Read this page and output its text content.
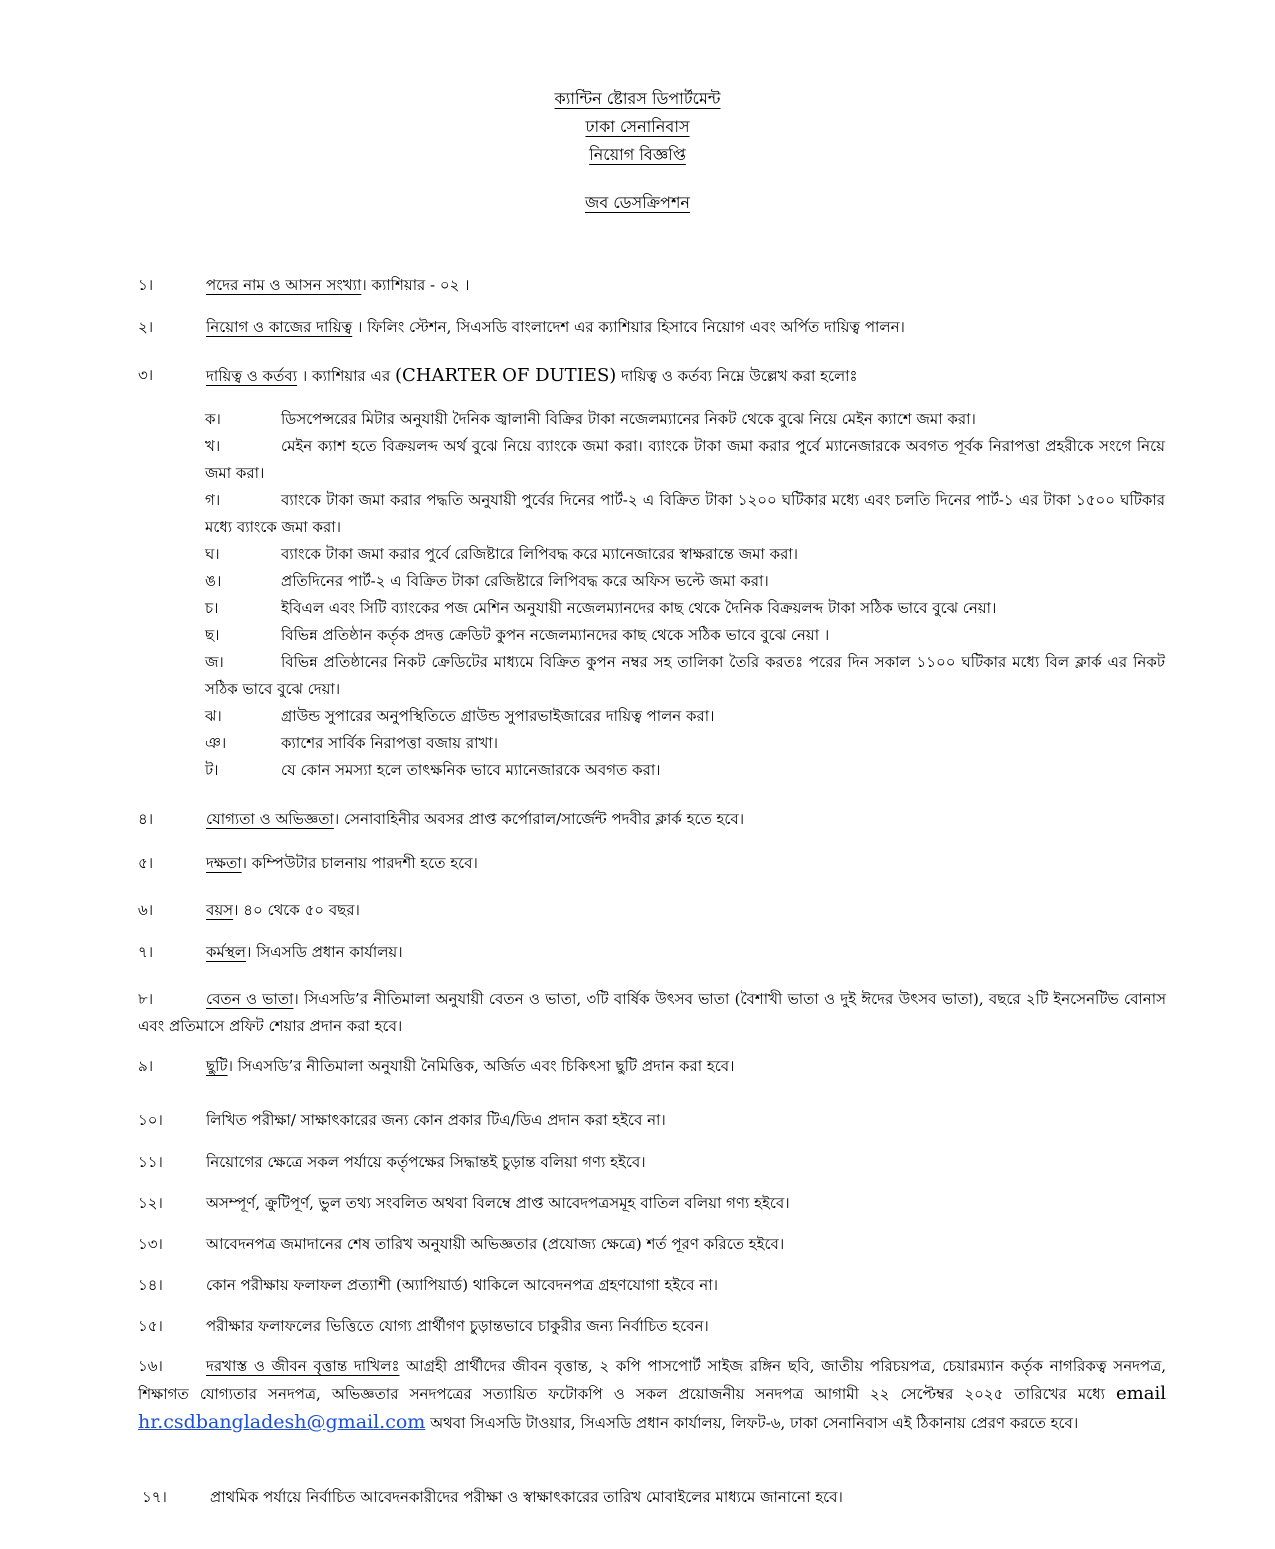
ক্যান্টিন ষ্টোরস ডিপার্টমেন্ট
ঢাকা সেনানিবাস
নিয়োগ বিজ্ঞপ্তি
জব ডেসক্রিপশন
১।	পদের নাম ও আসন সংখ্যা। ক্যাশিয়ার - ০২ ।
২।	নিয়োগ ও কাজের দায়িত্ব । ফিলিং স্টেশন, সিএসডি বাংলাদেশ এর ক্যাশিয়ার হিসাবে নিয়োগ এবং অর্পিত দায়িত্ব পালন।
৩।	দায়িত্ব ও কর্তব্য । ক্যাশিয়ার এর (CHARTER OF DUTIES) দায়িত্ব ও কর্তব্য নিম্নে উল্লেখ করা হলোঃ
ক।	ডিসপেন্সরের মিটার অনুযায়ী দৈনিক জ্বালানী বিক্রির টাকা নজেলম্যানের নিকট থেকে বুঝে নিয়ে মেইন ক্যাশে জমা করা।
খ।	মেইন ক্যাশ হতে বিক্রয়লব্দ অর্থ বুঝে নিয়ে ব্যাংকে জমা করা। ব্যাংকে টাকা জমা করার পুর্বে ম্যানেজারকে অবগত পূর্বক নিরাপত্তা প্রহরীকে সংগে নিয়ে জমা করা।
গ।	ব্যাংকে টাকা জমা করার পদ্ধতি অনুযায়ী পুর্বের দিনের পার্ট-২ এ বিক্রিত টাকা ১২০০ ঘটিকার মধ্যে এবং চলতি দিনের পার্ট-১ এর টাকা ১৫০০ ঘটিকার মধ্যে ব্যাংকে জমা করা।
ঘ।	ব্যাংকে টাকা জমা করার পুর্বে রেজিষ্টারে লিপিবদ্ধ করে ম্যানেজারের স্বাক্ষরান্তে জমা করা।
ঙ।	প্রতিদিনের পার্ট-২ এ বিক্রিত টাকা রেজিষ্টারে লিপিবদ্ধ করে অফিস ভল্টে জমা করা।
চ।	ইবিএল এবং সিটি ব্যাংকের পজ মেশিন অনুযায়ী নজেলম্যানদের কাছ থেকে দৈনিক বিক্রয়লব্দ টাকা সঠিক ভাবে বুঝে নেয়া।
ছ।	বিভিন্ন প্রতিষ্ঠান কর্তৃক প্রদত্ত ক্রেডিট কুপন নজেলম্যানদের কাছ থেকে সঠিক ভাবে বুঝে নেয়া ।
জ।	বিভিন্ন প্রতিষ্ঠানের নিকট ক্রেডিটের মাধ্যমে বিক্রিত কুপন নম্বর সহ তালিকা তৈরি করতঃ পরের দিন সকাল ১১০০ ঘটিকার মধ্যে বিল ক্লার্ক এর নিকট সঠিক ভাবে বুঝে দেয়া।
ঝ।	গ্রাউন্ড সুপারের অনুপস্থিতিতে গ্রাউন্ড সুপারভাইজারের দায়িত্ব পালন করা।
ঞ।	ক্যাশের সার্বিক নিরাপত্তা বজায় রাখা।
ট।	যে কোন সমস্যা হলে তাৎক্ষনিক ভাবে ম্যানেজারকে অবগত করা।
৪।	যোগ্যতা ও অভিজ্ঞতা। সেনাবাহিনীর অবসর প্রাপ্ত কর্পোরাল/সার্জেন্ট পদবীর ক্লার্ক হতে হবে।
৫।	দক্ষতা। কম্পিউটার চালনায় পারদশী হতে হবে।
৬।	বয়স। ৪০ থেকে ৫০ বছর।
৭।	কর্মস্থল। সিএসডি প্রধান কার্যালয়।
৮।	বেতন ও ভাতা। সিএসডি’র নীতিমালা অনুযায়ী বেতন ও ভাতা, ৩টি বার্ষিক উৎসব ভাতা (বৈশাখী ভাতা ও দুই ঈদের উৎসব ভাতা), বছরে ২টি ইনসেনটিভ বোনাস এবং প্রতিমাসে প্রফিট শেয়ার প্রদান করা হবে।
৯।	ছুটি। সিএসডি’র নীতিমালা অনুযায়ী নৈমিত্তিক, অর্জিত এবং চিকিৎসা ছুটি প্রদান করা হবে।
১০।	লিখিত পরীক্ষা/ সাক্ষাৎকারের জন্য কোন প্রকার টিএ/ডিএ প্রদান করা হইবে না।
১১।	নিয়োগের ক্ষেত্রে সকল পর্যায়ে কর্তৃপক্ষের সিদ্ধান্তই চুড়ান্ত বলিয়া গণ্য হইবে।
১২।	অসম্পূর্ণ, ক্রুটিপূর্ণ, ভুল তথ্য সংবলিত অথবা বিলম্বে প্রাপ্ত আবেদপত্রসমূহ বাতিল বলিয়া গণ্য হইবে।
১৩।	আবেদনপত্র জমাদানের শেষ তারিখ অনুযায়ী অভিজ্ঞতার (প্রযোজ্য ক্ষেত্রে) শর্ত পূরণ করিতে হইবে।
১৪।	কোন পরীক্ষায় ফলাফল প্রত্যাশী (অ্যাপিয়ার্ড) থাকিলে আবেদনপত্র গ্রহণযোগা হইবে না।
১৫।	পরীক্ষার ফলাফলের ভিত্তিতে যোগ্য প্রার্থীগণ চুড়ান্তভাবে চাকুরীর জন্য নির্বাচিত হবেন।
১৬।	দরখাস্ত ও জীবন বৃত্তান্ত দাখিলঃ আগ্রহী প্রার্থীদের জীবন বৃত্তান্ত, ২ কপি পাসপোর্ট সাইজ রঙ্গিন ছবি, জাতীয় পরিচয়পত্র, চেয়ারম্যান কর্তৃক নাগরিকত্ব সনদপত্র, শিক্ষাগত যোগ্যতার সনদপত্র, অভিজ্ঞতার সনদপত্রের সত্যায়িত ফটোকপি ও সকল প্রয়োজনীয় সনদপত্র আগামী ২২ সেপ্টেম্বর ২০২৫ তারিখের মধ্যে email hr.csdbangladesh@gmail.com অথবা সিএসডি টাওয়ার, সিএসডি প্রধান কার্যালয়, লিফট-৬, ঢাকা সেনানিবাস এই ঠিকানায় প্রেরণ করতে হবে।
১৭।	প্রাথমিক পর্যায়ে নির্বাচিত আবেদনকারীদের পরীক্ষা ও স্বাক্ষাৎকারের তারিখ মোবাইলের মাধ্যমে জানানো হবে।
